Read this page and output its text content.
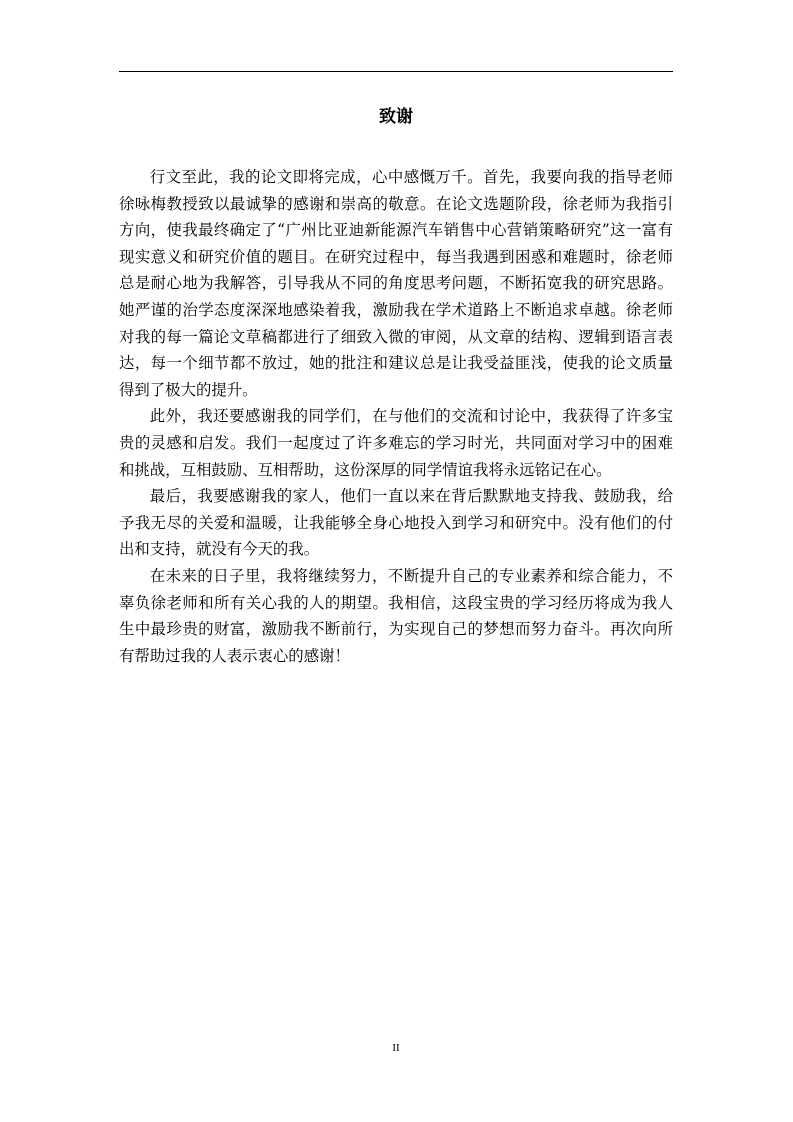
致谢

行文至此，我的论文即将完成，心中感慨万千。首先，我要向我的指导老师徐咏梅教授致以最诚挚的感谢和崇高的敬意。在论文选题阶段，徐老师为我指引方向，使我最终确定了“广州比亚迪新能源汽车销售中心营销策略研究”这一富有现实意义和研究价值的题目。在研究过程中，每当我遇到困惑和难题时，徐老师总是耐心地为我解答，引导我从不同的角度思考问题，不断拓宽我的研究思路。她严谨的治学态度深深地感染着我，激励我在学术道路上不断追求卓越。徐老师对我的每一篇论文草稿都进行了细致入微的审阅，从文章的结构、逻辑到语言表达，每一个细节都不放过，她的批注和建议总是让我受益匪浅，使我的论文质量得到了极大的提升。

此外，我还要感谢我的同学们，在与他们的交流和讨论中，我获得了许多宝贵的灵感和启发。我们一起度过了许多难忘的学习时光，共同面对学习中的困难和挑战，互相鼓励、互相帮助，这份深厚的同学情谊我将永远铭记在心。

最后，我要感谢我的家人，他们一直以来在背后默默地支持我、鼓励我，给予我无尽的关爱和温暖，让我能够全身心地投入到学习和研究中。没有他们的付出和支持，就没有今天的我。

在未来的日子里，我将继续努力，不断提升自己的专业素养和综合能力，不辜负徐老师和所有关心我的人的期望。我相信，这段宝贵的学习经历将成为我人生中最珍贵的财富，激励我不断前行，为实现自己的梦想而努力奋斗。再次向所有帮助过我的人表示衷心的感谢！

II
